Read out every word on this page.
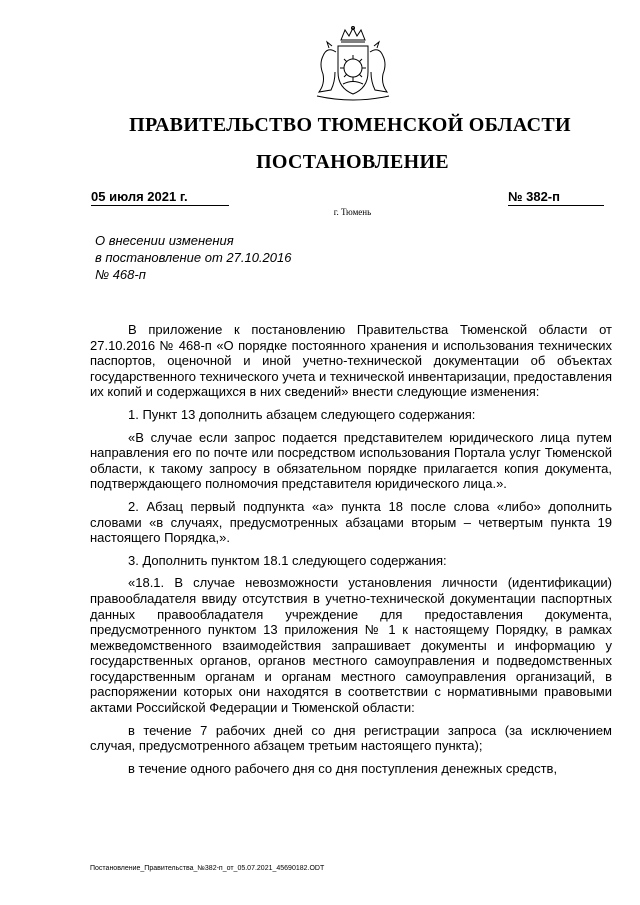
ПРАВИТЕЛЬСТВО ТЮМЕНСКОЙ ОБЛАСТИ
ПОСТАНОВЛЕНИЕ
05 июля 2021 г.	№ 382-п
г. Тюмень
О внесении изменения
в постановление от 27.10.2016
№ 468-п

В приложение к постановлению Правительства Тюменской области от 27.10.2016 № 468-п «О порядке постоянного хранения и использования технических паспортов, оценочной и иной учетно-технической документации об объектах государственного технического учета и технической инвентаризации, предоставления их копий и содержащихся в них сведений» внести следующие изменения:

1. Пункт 13 дополнить абзацем следующего содержания:

«В случае если запрос подается представителем юридического лица путем направления его по почте или посредством использования Портала услуг Тюменской области, к такому запросу в обязательном порядке прилагается копия документа, подтверждающего полномочия представителя юридического лица.».

2. Абзац первый подпункта «а» пункта 18 после слова «либо» дополнить словами «в случаях, предусмотренных абзацами вторым – четвертым пункта 19 настоящего Порядка,».

3. Дополнить пунктом 18.1 следующего содержания:

«18.1. В случае невозможности установления личности (идентификации) правообладателя ввиду отсутствия в учетно-технической документации паспортных данных правообладателя учреждение для предоставления документа, предусмотренного пунктом 13 приложения № 1 к настоящему Порядку, в рамках межведомственного взаимодействия запрашивает документы и информацию у государственных органов, органов местного самоуправления и подведомственных государственным органам и органам местного самоуправления организаций, в распоряжении которых они находятся в соответствии с нормативными правовыми актами Российской Федерации и Тюменской области:

в течение 7 рабочих дней со дня регистрации запроса (за исключением случая, предусмотренного абзацем третьим настоящего пункта);

в течение одного рабочего дня со дня поступления денежных средств,

Постановление_Правительства_№382-п_от_05.07.2021_45690182.ODT
